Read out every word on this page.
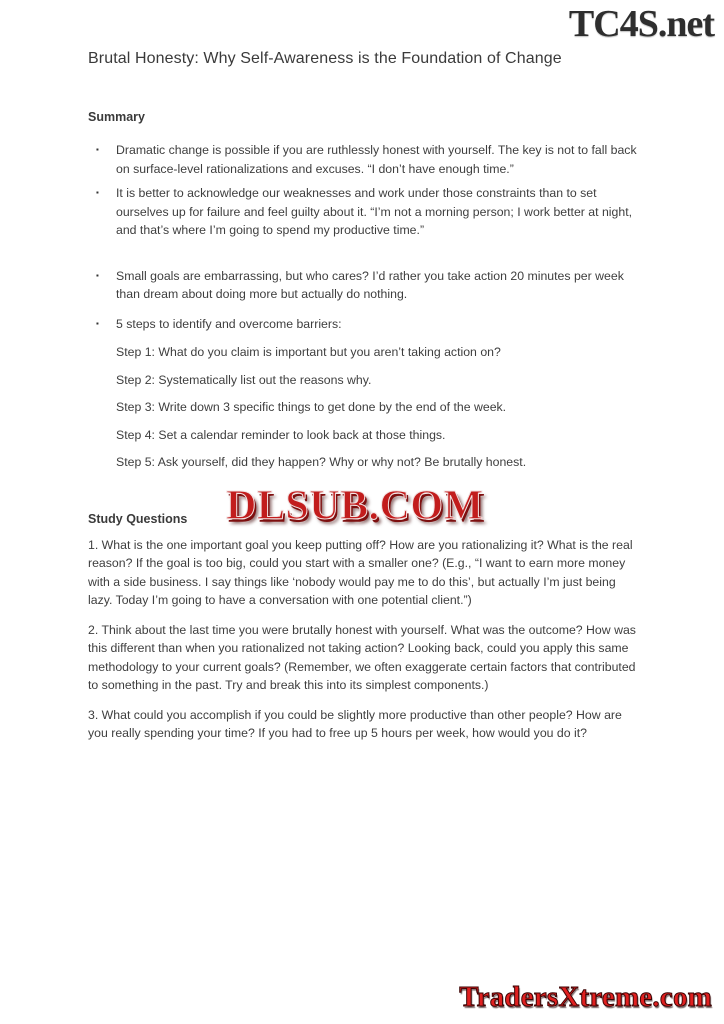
TC4S.net
Brutal Honesty: Why Self-Awareness is the Foundation of Change
Summary
▪	Dramatic change is possible if you are ruthlessly honest with yourself. The key is not to fall back on surface-level rationalizations and excuses. “I don’t have enough time.”
▪	It is better to acknowledge our weaknesses and work under those constraints than to set ourselves up for failure and feel guilty about it. “I’m not a morning person; I work better at night, and that’s where I’m going to spend my productive time.”
▪	Small goals are embarrassing, but who cares? I’d rather you take action 20 minutes per week than dream about doing more but actually do nothing.
▪	5 steps to identify and overcome barriers:

Step 1: What do you claim is important but you aren’t taking action on?

Step 2: Systematically list out the reasons why.

Step 3: Write down 3 specific things to get done by the end of the week.

Step 4: Set a calendar reminder to look back at those things.

Step 5: Ask yourself, did they happen? Why or why not? Be brutally honest.

Study Questions

1. What is the one important goal you keep putting off? How are you rationalizing it? What is the real reason? If the goal is too big, could you start with a smaller one? (E.g., “I want to earn more money with a side business. I say things like ‘nobody would pay me to do this’, but actually I’m just being lazy. Today I’m going to have a conversation with one potential client.”)

2. Think about the last time you were brutally honest with yourself. What was the outcome? How was this different than when you rationalized not taking action? Looking back, could you apply this same methodology to your current goals? (Remember, we often exaggerate certain factors that contributed to something in the past. Try and break this into its simplest components.)

3. What could you accomplish if you could be slightly more productive than other people? How are you really spending your time? If you had to free up 5 hours per week, how would you do it?

DLSUB.COM
TradersXtreme.com
